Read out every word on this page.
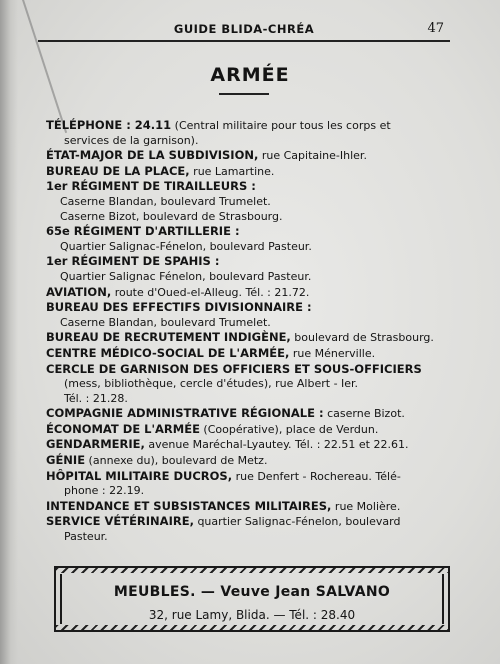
GUIDE BLIDA-CHRÉA	47
ARMÉE

TÉLÉPHONE : 24.11 (Central militaire pour tous les corps et

services de la garnison).

ÉTAT-MAJOR DE LA SUBDIVISION, rue Capitaine-Ihler.

BUREAU DE LA PLACE, rue Lamartine.

1er RÉGIMENT DE TIRAILLEURS :

Caserne Blandan, boulevard Trumelet.

Caserne Bizot, boulevard de Strasbourg.

65e RÉGIMENT D'ARTILLERIE :

Quartier Salignac-Fénelon, boulevard Pasteur.

1er RÉGIMENT DE SPAHIS :

Quartier Salignac Fénelon, boulevard Pasteur.

AVIATION, route d'Oued-el-Alleug. Tél. : 21.72.

BUREAU DES EFFECTIFS DIVISIONNAIRE :

Caserne Blandan, boulevard Trumelet.

BUREAU DE RECRUTEMENT INDIGÈNE, boulevard de Strasbourg.

CENTRE MÉDICO-SOCIAL DE L'ARMÉE, rue Ménerville.

CERCLE DE GARNISON DES OFFICIERS ET SOUS-OFFICIERS

(mess, bibliothèque, cercle d'études), rue Albert - Ier.

Tél. : 21.28.

COMPAGNIE ADMINISTRATIVE RÉGIONALE : caserne Bizot.

ÉCONOMAT DE L'ARMÉE (Coopérative), place de Verdun.

GENDARMERIE, avenue Maréchal-Lyautey. Tél. : 22.51 et 22.61.

GÉNIE (annexe du), boulevard de Metz.

HÔPITAL MILITAIRE DUCROS, rue Denfert - Rochereau. Télé-

phone : 22.19.

INTENDANCE ET SUBSISTANCES MILITAIRES, rue Molière.

SERVICE VÉTÉRINAIRE, quartier Salignac-Fénelon, boulevard

Pasteur.

MEUBLES. — Veuve Jean SALVANO
32, rue Lamy, Blida. — Tél. : 28.40
